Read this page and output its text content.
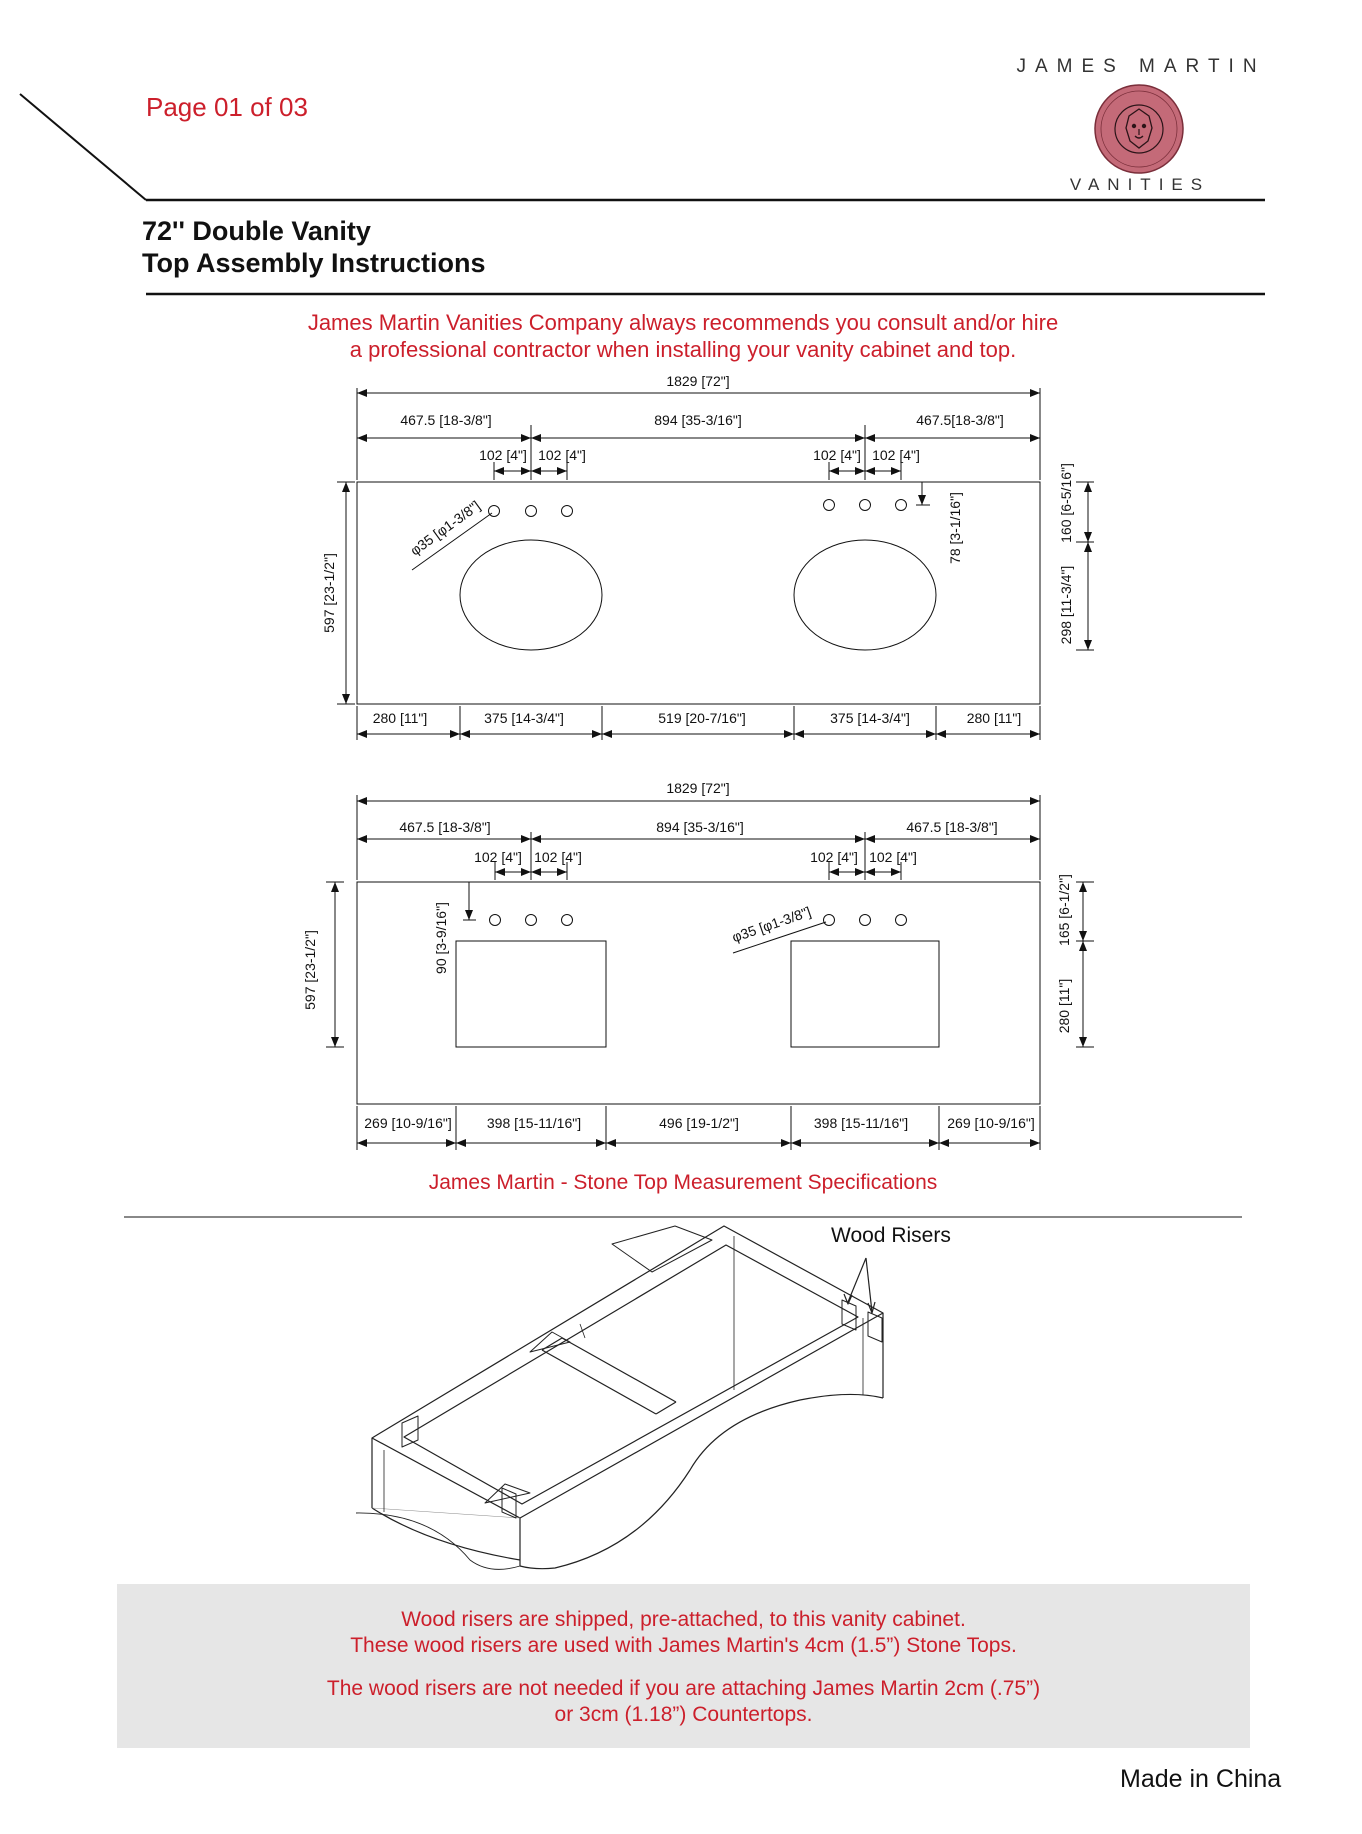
Page 01 of 03
JAMES MARTIN
VANITIES
72'' Double Vanity
Top Assembly Instructions
James Martin Vanities Company always recommends you consult and/or hire
a professional contractor when installing your vanity cabinet and top.
1829 [72"]
467.5 [18-3/8"]	894 [35-3/16"]	467.5[18-3/8"]
102 [4"] 102 [4"]	102 [4"] 102 [4"]
597 [23-1/2"]
φ35 [φ1-3/8"]	78 [3-1/16"]	160 [6-5/16"]
298 [11-3/4"]
280 [11"]	375 [14-3/4"]	519 [20-7/16"]	375 [14-3/4"]	280 [11"]
1829 [72"]
467.5 [18-3/8"]	894 [35-3/16"]	467.5 [18-3/8"]
102 [4"] 102 [4"]	102 [4"] 102 [4"]
597 [23-1/2"]	90 [3-9/16"]	φ35 [φ1-3/8"]	165 [6-1/2"]
280 [11"]
269 [10-9/16"]	398 [15-11/16"]	496 [19-1/2"]	398 [15-11/16"]	269 [10-9/16"]
James Martin - Stone Top Measurement Specifications
Wood Risers
Wood risers are shipped, pre-attached, to this vanity cabinet.
These wood risers are used with James Martin's 4cm (1.5”) Stone Tops.
The wood risers are not needed if you are attaching James Martin 2cm (.75”)
or 3cm (1.18”) Countertops.
Made in China
